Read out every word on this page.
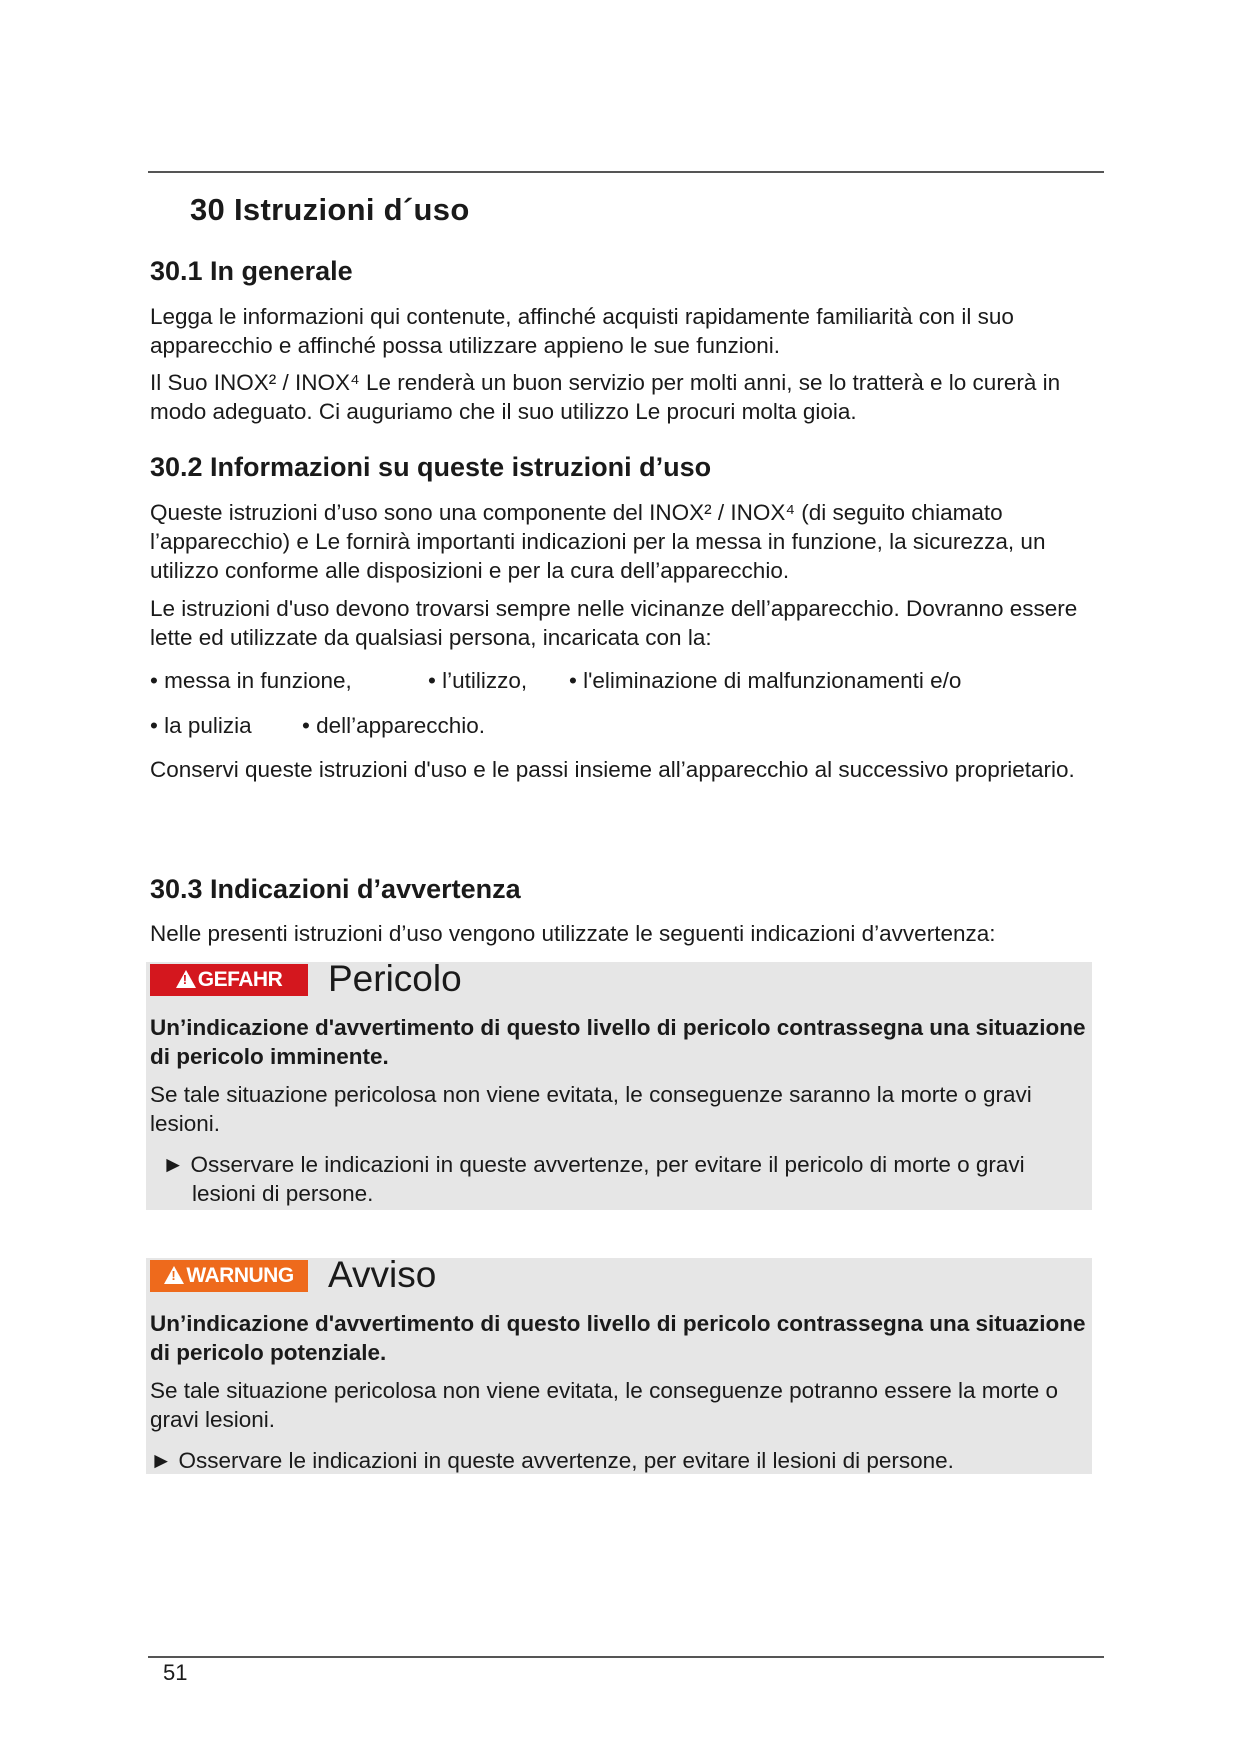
30 Istruzioni d´uso
30.1 In generale
Legga le informazioni qui contenute, affinché acquisti rapidamente familiarità con il suo apparecchio e affinché possa utilizzare appieno le sue funzioni.
Il Suo INOX² / INOX⁴ Le renderà un buon servizio per molti anni, se lo tratterà e lo curerà in modo adeguato. Ci auguriamo che il suo utilizzo Le procuri molta gioia.
30.2 Informazioni su queste istruzioni d’uso
Queste istruzioni d’uso sono una componente del INOX² / INOX⁴ (di seguito chiamato l’apparecchio) e Le fornirà importanti indicazioni per la messa in funzione, la sicurezza, un utilizzo conforme alle disposizioni e per la cura dell’apparecchio.
Le istruzioni d'uso devono trovarsi sempre nelle vicinanze dell’apparecchio. Dovranno essere lette ed utilizzate da qualsiasi persona, incaricata con la:
• messa in funzione,	• l’utilizzo, • l'eliminazione di malfunzionamenti e/o
• la pulizia • dell’apparecchio.
Conservi queste istruzioni d'uso e le passi insieme all’apparecchio al successivo proprietario.
30.3 Indicazioni d’avvertenza
Nelle presenti istruzioni d’uso vengono utilizzate le seguenti indicazioni d’avvertenza:
!GEFAHR	Pericolo
Un’indicazione d'avvertimento di questo livello di pericolo contrassegna una situazione di pericolo imminente.
Se tale situazione pericolosa non viene evitata, le conseguenze saranno la morte o gravi lesioni.
► Osservare le indicazioni in queste avvertenze, per evitare il pericolo di morte o gravi lesioni di persone.
!WARNUNG Avviso
Un’indicazione d'avvertimento di questo livello di pericolo contrassegna una situazione di pericolo potenziale.
Se tale situazione pericolosa non viene evitata, le conseguenze potranno essere la morte o gravi lesioni.
► Osservare le indicazioni in queste avvertenze, per evitare il lesioni di persone.
51
